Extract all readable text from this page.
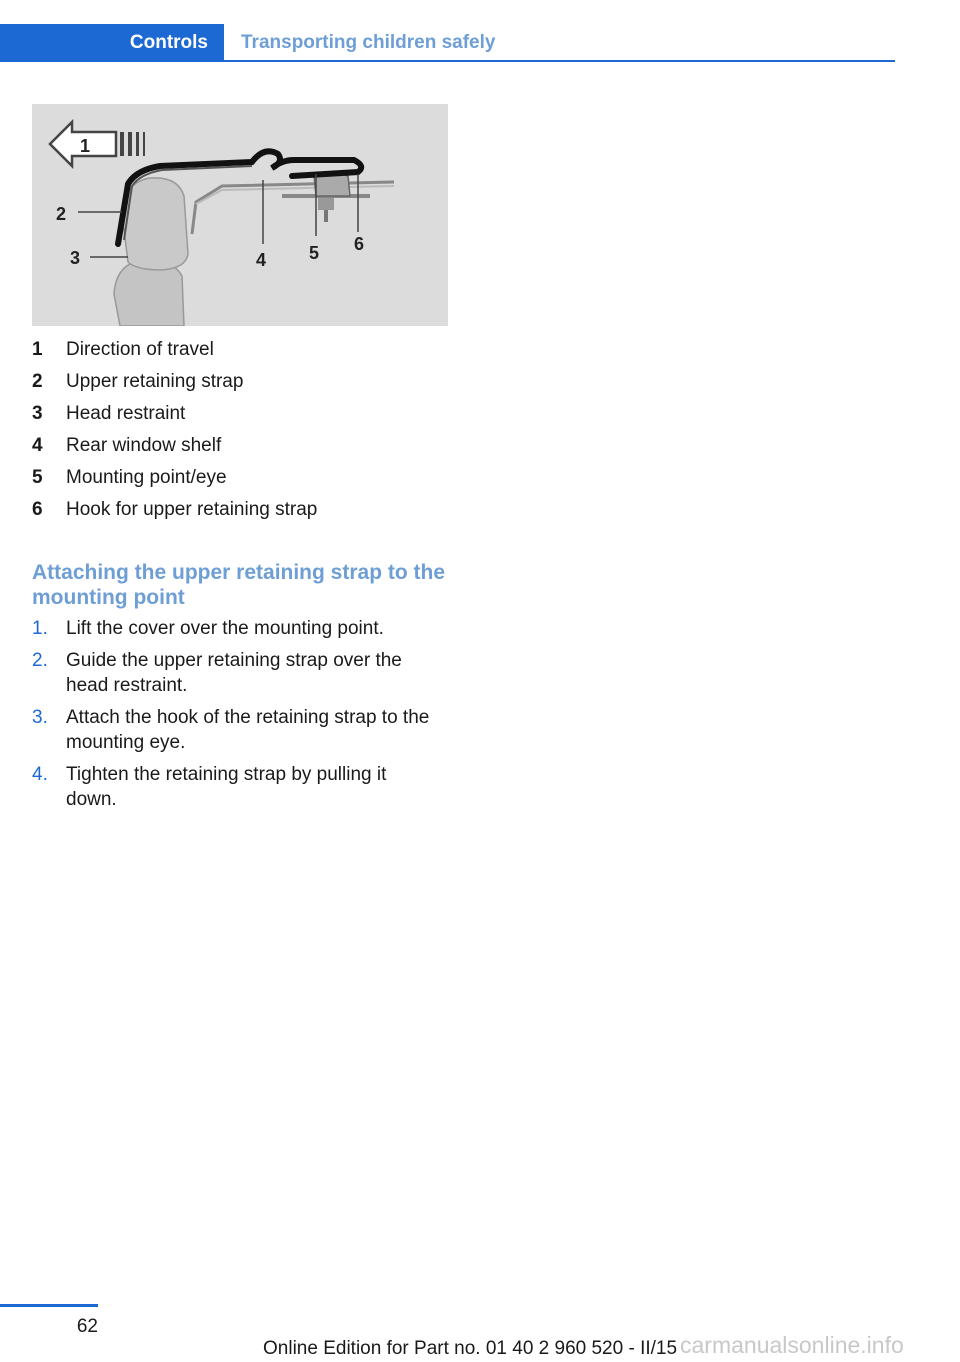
Controls	Transporting children safely
1
2
3	4 5 6
1 Direction of travel
2 Upper retaining strap
3 Head restraint
4 Rear window shelf
5 Mounting point/eye
6 Hook for upper retaining strap
Attaching the upper retaining strap to the mounting point
1. Lift the cover over the mounting point.
2. Guide the upper retaining strap over the head restraint.
3. Attach the hook of the retaining strap to the mounting eye.
4. Tighten the retaining strap by pulling it down.
62
Online Edition for Part no. 01 40 2 960 520 - II/15 carmanualsonline.info
